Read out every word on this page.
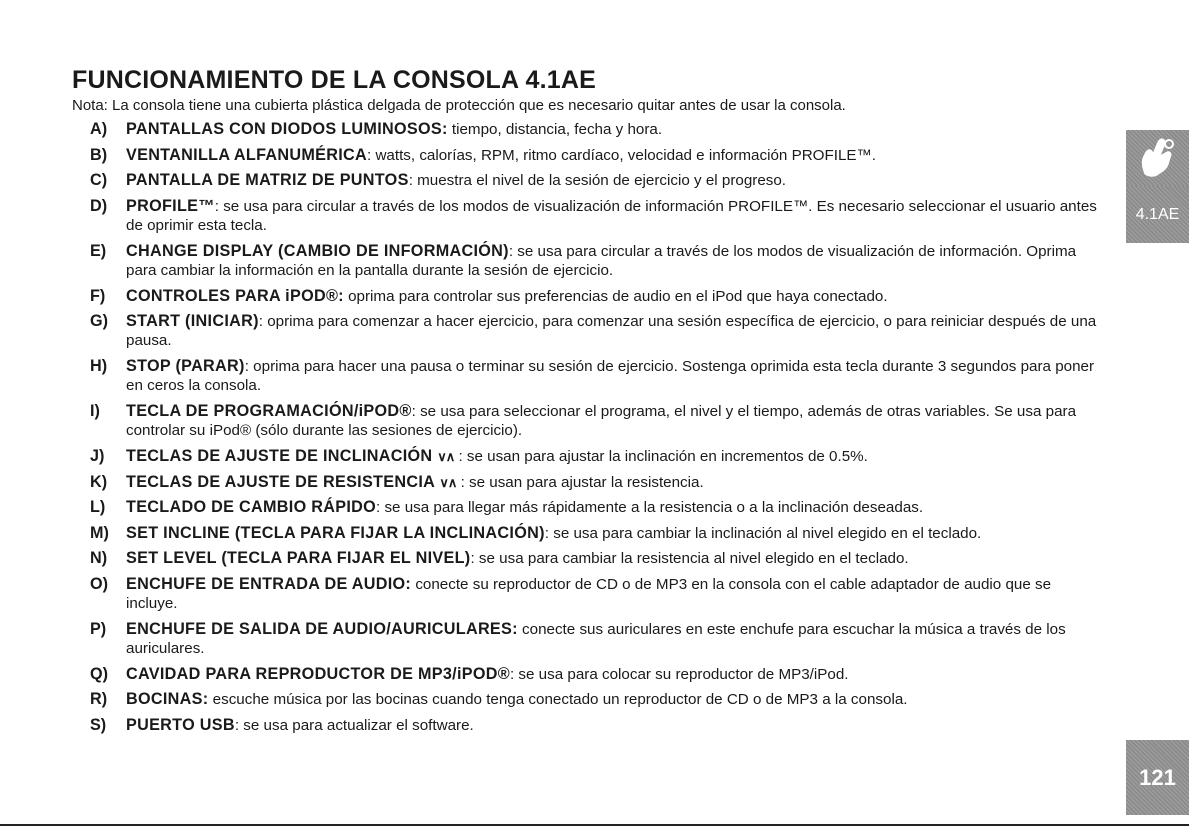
FUNCIONAMIENTO DE LA CONSOLA 4.1AE

Nota: La consola tiene una cubierta plástica delgada de protección que es necesario quitar antes de usar la consola.

A) PANTALLAS CON DIODOS LUMINOSOS: tiempo, distancia, fecha y hora.
B) VENTANILLA ALFANUMÉRICA: watts, calorías, RPM, ritmo cardíaco, velocidad e información PROFILE™.
C) PANTALLA DE MATRIZ DE PUNTOS: muestra el nivel de la sesión de ejercicio y el progreso.
D) PROFILE™: se usa para circular a través de los modos de visualización de información PROFILE™. Es necesario seleccionar el usuario antes de oprimir esta tecla.
E) CHANGE DISPLAY (CAMBIO DE INFORMACIÓN): se usa para circular a través de los modos de visualización de información. Oprima para cambiar la información en la pantalla durante la sesión de ejercicio.
F) CONTROLES PARA iPOD®: oprima para controlar sus preferencias de audio en el iPod que haya conectado.
G) START (INICIAR): oprima para comenzar a hacer ejercicio, para comenzar una sesión específica de ejercicio, o para reiniciar después de una pausa.
H) STOP (PARAR): oprima para hacer una pausa o terminar su sesión de ejercicio. Sostenga oprimida esta tecla durante 3 segundos para poner en ceros la consola.
I) TECLA DE PROGRAMACIÓN/iPOD®: se usa para seleccionar el programa, el nivel y el tiempo, además de otras variables. Se usa para controlar su iPod® (sólo durante las sesiones de ejercicio).
J) TECLAS DE AJUSTE DE INCLINACIÓN ∨∧ : se usan para ajustar la inclinación en incrementos de 0.5%.
K) TECLAS DE AJUSTE DE RESISTENCIA ∨∧ : se usan para ajustar la resistencia.
L) TECLADO DE CAMBIO RÁPIDO: se usa para llegar más rápidamente a la resistencia o a la inclinación deseadas.
M) SET INCLINE (TECLA PARA FIJAR LA INCLINACIÓN): se usa para cambiar la inclinación al nivel elegido en el teclado.
N) SET LEVEL (TECLA PARA FIJAR EL NIVEL): se usa para cambiar la resistencia al nivel elegido en el teclado.
O) ENCHUFE DE ENTRADA DE AUDIO: conecte su reproductor de CD o de MP3 en la consola con el cable adaptador de audio que se incluye.
P) ENCHUFE DE SALIDA DE AUDIO/AURICULARES: conecte sus auriculares en este enchufe para escuchar la música a través de los auriculares.
Q) CAVIDAD PARA REPRODUCTOR DE MP3/iPOD®: se usa para colocar su reproductor de MP3/iPod.
R) BOCINAS: escuche música por las bocinas cuando tenga conectado un reproductor de CD o de MP3 a la consola.
S) PUERTO USB: se usa para actualizar el software.
4.1AE
121
